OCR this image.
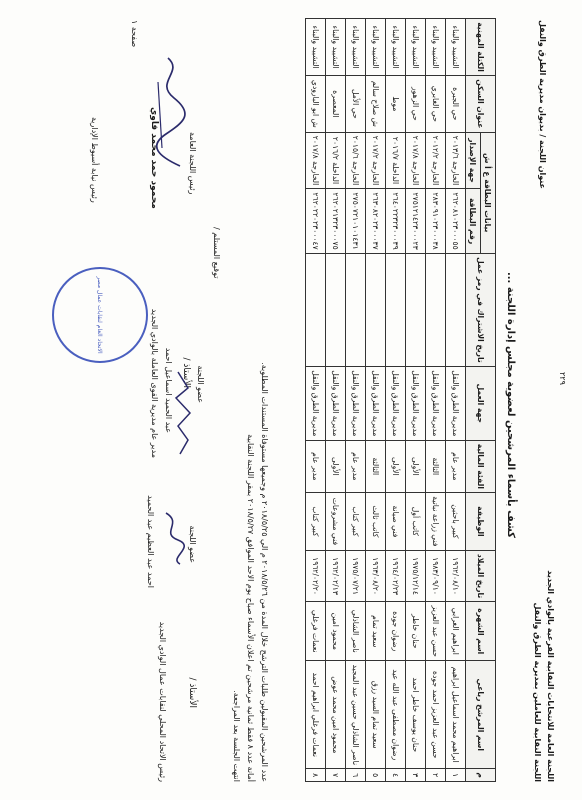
٢٢٩
اللجنة العامة للانتخابات النقابية الفرعية بالوادي الجديد
اللجنة النقابية للعاملين بمديرية الطرق والنقل
عنوان اللجنة / بديوان مديرية الطرق والنقل
كشف بأسماء المرشحين لعضوية مجلس إدارة اللجنة ...
م	اسم المرشح رباعي	اسم الشهرة	تاريخ الميلاد	الوظيفة	الفئة المالية	جهة العمل	تاريخ الاشتراك في رمز عمل	بيانات البطاقة ع أ ش		عنوان السكن	الكتلة المهنية
								رقم البطاقة	جهة الإصدار		
١	ابراهيم محمد اسماعيل ابراهيم	ابراهيم الغرابي	١٩٦٢/٠٨/١٠	كبير باحثين	مدير عام	مديرية الطرق والنقل		٢٦٢٠٨١٠٢٣٠٠٠٥٥	الخارجة ٢٠١٣/٦	حي الجبرة	التشييد والبناء
٢	حسن عبد العزيز احمد جودة	حسن عبد العزيز	١٩٨٣/٠٩/١٠	فني زراعة نباتية	الثالثة	مديرية الطرق والنقل		٢٨٣٠٩١٠٢٣٠٠٠٣٨	الخارجة ٢٠١٢/٢	حي الغابري	التشييد والبناء
٣	حنان يوسف خاطر احمد	حنان خاطر	١٩٧٥/١٢/١٤	كاتب أول	الأولى	مديرية الطرق والنقل		٢٧٥١٢١٤٢٣٠٠٠٢٣	الخارجة ٢٠١٧/٨	حي الزهور	التشييد والبناء
٤	رضوان مصطفى عبد الله عيد	رضوان جودة	١٩٦٤/٠٢/٢٣	فني صيانة	الأولى	مديرية الطرق والنقل		٢٦٤٠٢٢٣٢٣٠٠٠٣٩	الداخلة ٢٠١٦/٧	موط	التشييد والبناء
٥	سعيد تمام السيد رزق	سعيد تمام	١٩٦٣/٠٨/٢٠	كاتب ثالث	الثالثة	مديرية الطرق والنقل		٢٦٣٠٨٢٠٢٣٠٠٠٣٧	الخارجة ٢٠١٧/٢	ش صلاح سالم	التشييد والبناء
٦	ناصر الشاذلي حسين عبد المجيد	ناصر الشاذلي	١٩٧٥/٠٧/٢١	كبير كتاب	مدير عام	مديرية الطرق والنقل		٢٧٥٠٧٢١٠١٠١٤٣١	الخارجة ٢٠١٥/٦	حي الأمل	التشييد والبناء
٧	محمود امين محمد عوض	محمود امين	١٩٦٢/٠٢/١٣	فني مشروعات	الأولى	مديرية الطرق والنقل		٢٦٢٠٢١٣٢٣٠٠٠٧٥	الداخلة ٢٠١٦/٢	المعصرة	التشييد والبناء
٨	نعمات فرغلي ابراهيم احمد	نعمات فرغلي	١٩٦٢/٠٢/٢٠	كبير كتاب	مدير عام	مديرية الطرق والنقل		٢٦٢٠٢٢٠٢٣٠٠٠٤٧	الخارجة ٢٠١٧/٨	ش ابو البارودي	التشييد والبناء
عدد المرشحين المقبولين طلبات الترشح خلال المدة من ٢٠١٨/٥/٢٦ م الي ٢٠١٨/٥/٢٥ م وجميعها مستوفاة المستندات المطلوبة.
أمانة عدد ٨ فقط ثمانية مرشحين تم اعلان الأسماء صباح يوم الاحد الموافق ٢٠١٨/٥/٢٧ بمقر اللجنة النقابية
انتهت الجلسة بعد المراجعة.
الأستاذ /
رئيس الاتحاد المحلي لنقابات عمال الوادي الجديد
عضو اللجنة
احمد عبد العظيم عبد الحميد
عضو اللجنة
الأستاذ /
عبد الحميد اسماعيل احمد
مدير عام مديرية القوى العاملة بالوادي الجديد
توقيع المستلم /
رئيس اللجنة العامة
محمود حمد محمد فاوي
رئيس نيابة أسيوط الإدارية
صفحة ١
الاتحاد العام لنقابات عمال مصر
